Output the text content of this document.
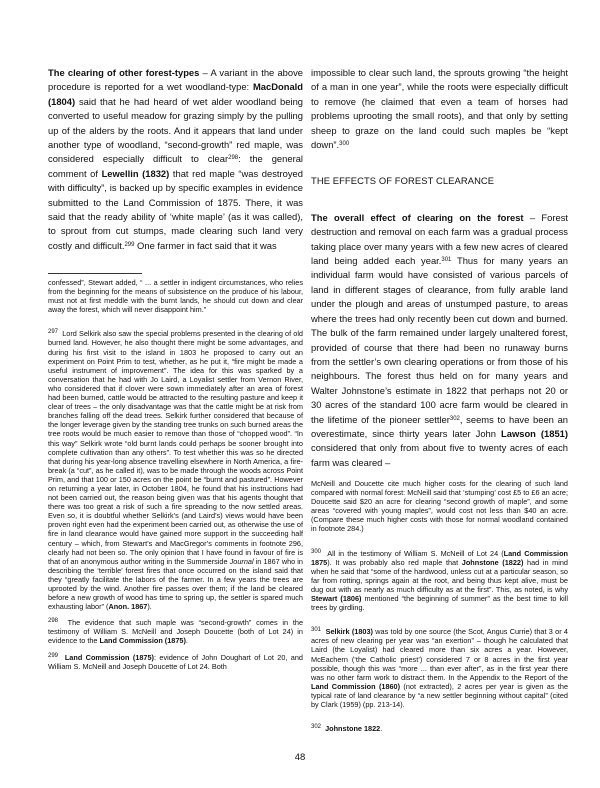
The clearing of other forest-types – A variant in the above procedure is reported for a wet woodland-type: MacDonald (1804) said that he had heard of wet alder woodland being converted to useful meadow for grazing simply by the pulling up of the alders by the roots. And it appears that land under another type of woodland, “second-growth” red maple, was considered especially difficult to clear$^{298}$: the general comment of Lewellin (1832) that red maple “was destroyed with difficulty”, is backed up by specific examples in evidence submitted to the Land Commission of 1875. There, it was said that the ready ability of ‘white maple’ (as it was called), to sprout from cut stumps, made clearing such land very costly and difficult.$^{299}$ One farmer in fact said that it was

confessed”, Stewart added, “ ... a settler in indigent circumstances, who relies from the beginning for the means of subsistence on the produce of his labour, must not at first meddle with the burnt lands, he should cut down and clear away the forest, which will never disappoint him.”

$^{297}$ Lord Selkirk also saw the special problems presented in the clearing of old burned land. However, he also thought there might be some advantages, and during his first visit to the island in 1803 he proposed to carry out an experiment on Point Prim to test, whether, as he put it, “fire might be made a useful instrument of improvement”. The idea for this was sparked by a conversation that he had with Jo Laird, a Loyalist settler from Vernon River, who considered that if clover were sown immediately after an area of forest had been burned, cattle would be attracted to the resulting pasture and keep it clear of trees – the only disadvantage was that the cattle might be at risk from branches falling off the dead trees. Selkirk further considered that because of the longer leverage given by the standing tree trunks on such burned areas the tree roots would be much easier to remove than those of “chopped wood”. “In this way” Selkirk wrote “old burnt lands could perhaps be sooner brought into complete cultivation than any others”. To test whether this was so he directed that during his year-long absence travelling elsewhere in North America, a fire-break (a “cut”, as he called it), was to be made through the woods across Point Prim, and that 100 or 150 acres on the point be “burnt and pastured”. However on returning a year later, in October 1804, he found that his instructions had not been carried out, the reason being given was that his agents thought that there was too great a risk of such a fire spreading to the now settled areas. Even so, it is doubtful whether Selkirk’s (and Laird’s) views would have been proven right even had the experiment been carried out, as otherwise the use of fire in land clearance would have gained more support in the succeeding half century – which, from Stewart’s and MacGregor’s comments in footnote 296, clearly had not been so. The only opinion that I have found in favour of fire is that of an anonymous author writing in the Summerside Journal in 1867 who in describing the ‘terrible’ forest fires that once occurred on the island said that they “greatly facilitate the labors of the farmer. In a few years the trees are uprooted by the wind. Another fire passes over them; if the land be cleared before a new growth of wood has time to spring up, the settler is spared much exhausting labor” (Anon. 1867).

$^{298}$ The evidence that such maple was “second-growth” comes in the testimony of William S. McNeill and Joseph Doucette (both of Lot 24) in evidence to the Land Commission (1875).

$^{299}$ Land Commission (1875): evidence of John Doughart of Lot 20, and William S. McNeill and Joseph Doucette of Lot 24. Both

impossible to clear such land, the sprouts growing “the height of a man in one year”, while the roots were especially difficult to remove (he claimed that even a team of horses had problems uprooting the small roots), and that only by setting sheep to graze on the land could such maples be “kept down”.$^{300}$

THE EFFECTS OF FOREST CLEARANCE

The overall effect of clearing on the forest – Forest destruction and removal on each farm was a gradual process taking place over many years with a few new acres of cleared land being added each year.$^{301}$ Thus for many years an individual farm would have consisted of various parcels of land in different stages of clearance, from fully arable land under the plough and areas of unstumped pasture, to areas where the trees had only recently been cut down and burned. The bulk of the farm remained under largely unaltered forest, provided of course that there had been no runaway burns from the settler’s own clearing operations or from those of his neighbours. The forest thus held on for many years and Walter Johnstone’s estimate in 1822 that perhaps not 20 or 30 acres of the standard 100 acre farm would be cleared in the lifetime of the pioneer settler$^{302}$, seems to have been an overestimate, since thirty years later John Lawson (1851) considered that only from about five to twenty acres of each farm was cleared –

McNeill and Doucette cite much higher costs for the clearing of such land compared with normal forest: McNeill said that ‘stumping’ cost £5 to £6 an acre; Doucette said $20 an acre for clearing “second growth of maple”, and some areas “covered with young maples”, would cost not less than $40 an acre. (Compare these much higher costs with those for normal woodland contained in footnote 284.)

$^{300}$ All in the testimony of William S. McNeill of Lot 24 (Land Commission 1875). It was probably also red maple that Johnstone (1822) had in mind when he said that “some of the hardwood, unless cut at a particular season, so far from rotting, springs again at the root, and being thus kept alive, must be dug out with as nearly as much difficulty as at the first”. This, as noted, is why Stewart (1806) mentioned “the beginning of summer” as the best time to kill trees by girdling.

$^{301}$ Selkirk (1803) was told by one source (the Scot, Angus Currie) that 3 or 4 acres of new clearing per year was “an exertion” – though he calculated that Laird (the Loyalist) had cleared more than six acres a year. However, McEachern (‘the Catholic priest’) considered 7 or 8 acres in the first year possible, though this was “more ... than ever after”, as in the first year there was no other farm work to distract them. In the Appendix to the Report of the Land Commission (1860) (not extracted), 2 acres per year is given as the typical rate of land clearance by “a new settler beginning without capital” (cited by Clark (1959) (pp. 213-14).

$^{302}$ Johnstone 1822.

48
